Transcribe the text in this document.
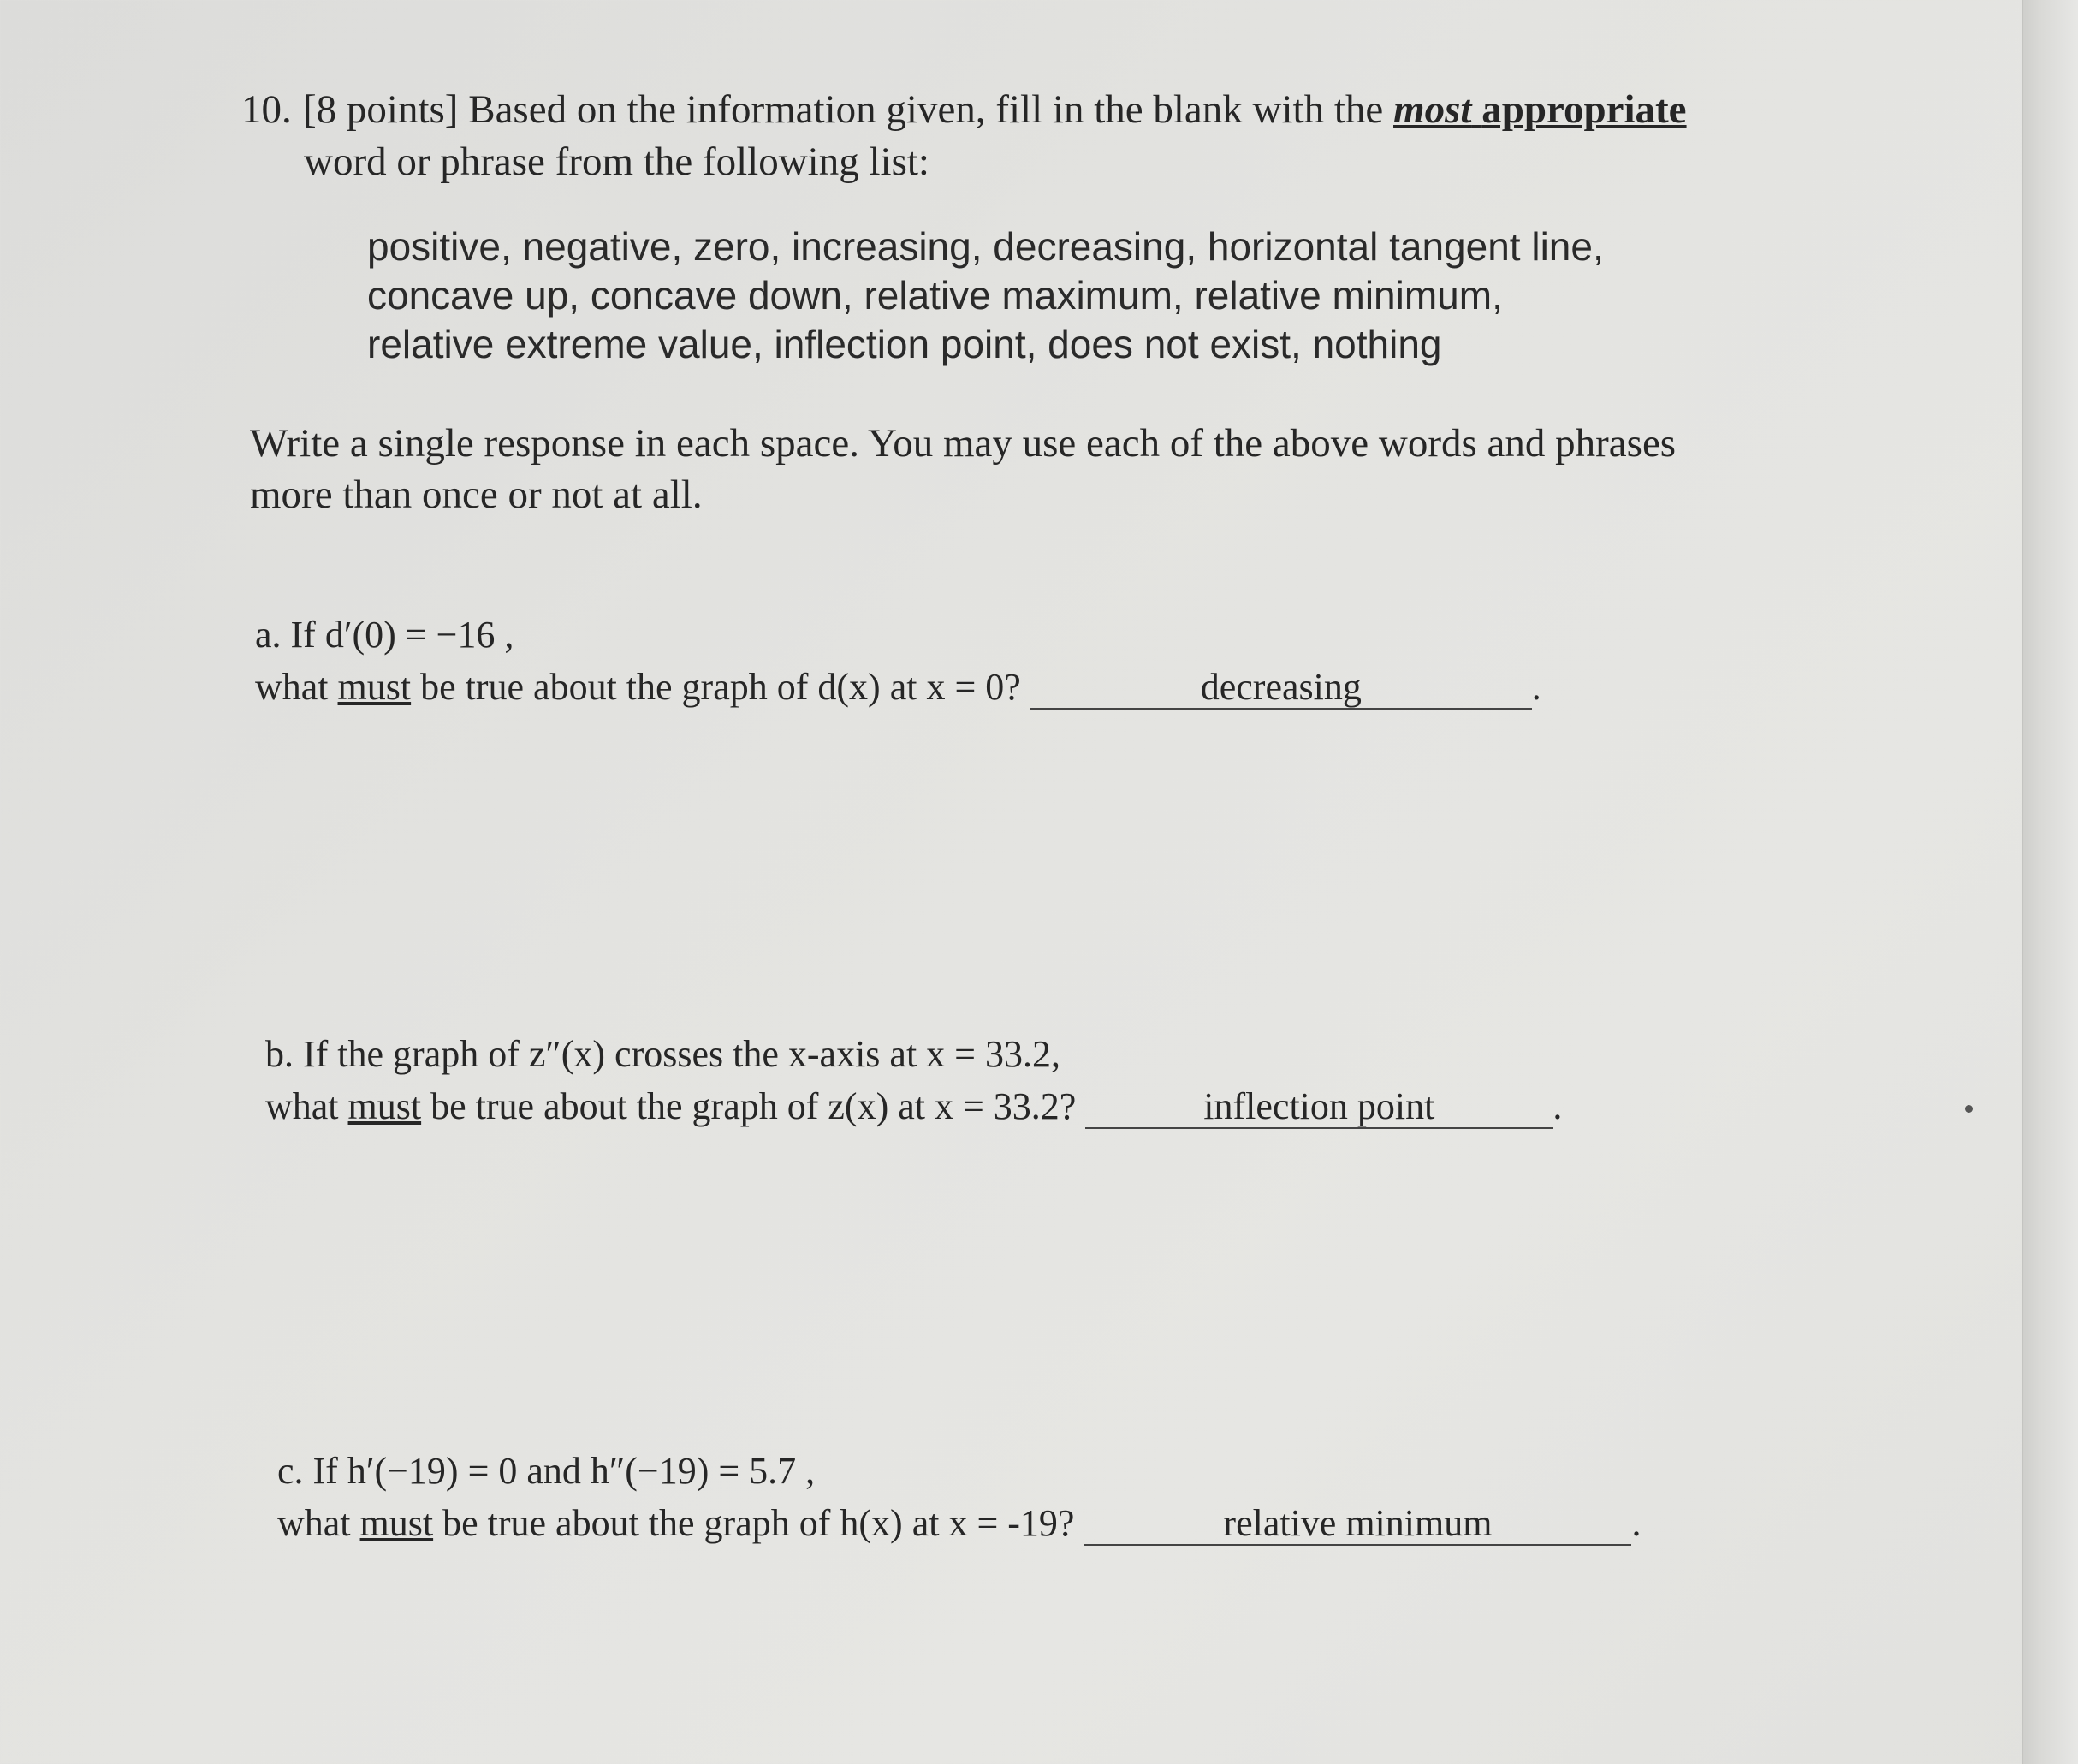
10. [8 points] Based on the information given, fill in the blank with the most appropriate
word or phrase from the following list:
positive, negative, zero, increasing, decreasing, horizontal tangent line,
concave up, concave down, relative maximum, relative minimum,
relative extreme value, inflection point, does not exist, nothing
Write a single response in each space. You may use each of the above words and phrases
more than once or not at all.
a. If d′(0) = −16 ,
what must be true about the graph of d(x) at x = 0?	decreasing	.
b. If the graph of z″(x) crosses the x-axis at x = 33.2,
what must be true about the graph of z(x) at x = 33.2?	inflection point	.
c. If h′(−19) = 0 and h″(−19) = 5.7 ,
what must be true about the graph of h(x) at x = -19?	relative minimum	.
